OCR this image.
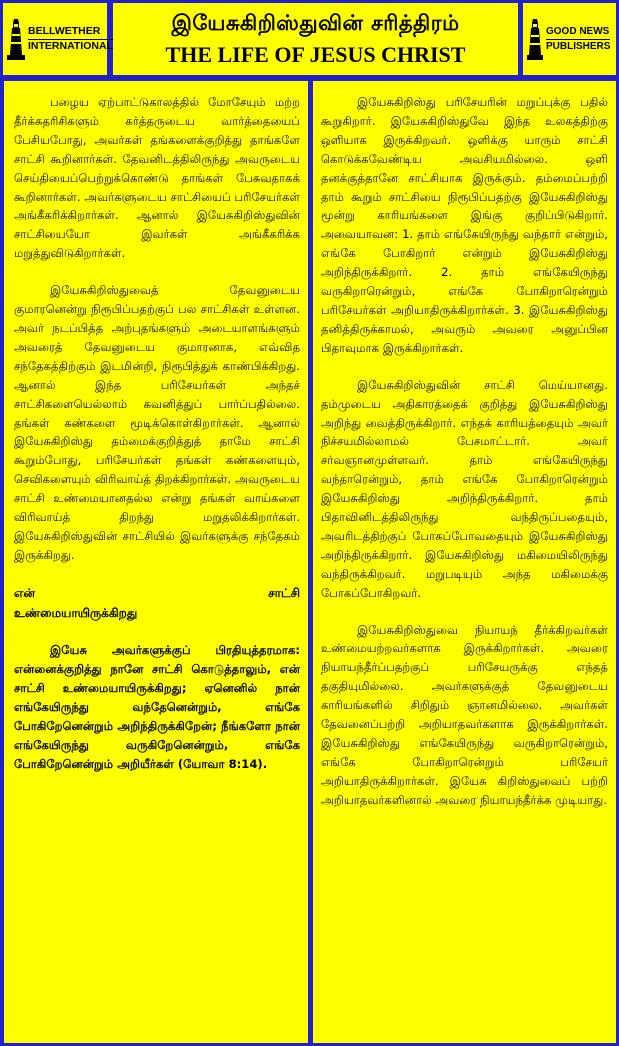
BELLWETHER
INTERNATIONAL
இயேசுகிறிஸ்துவின் சரித்திரம்
THE LIFE OF JESUS CHRIST
GOOD NEWS
PUBLISHERS

பழைய ஏற்பாட்டுகாலத்தில் மோசேயும் மற்ற தீர்க்கதரிசிகளும் கர்த்தருடைய வார்த்தையைப் பேசியபோது, அவர்கள் தங்களைக்குறித்து தாங்களே சாட்சி கூறினார்கள். தேவனிடத்திலிருந்து அவருடைய செய்தியைப்பெற்றுக்கொண்டு தாங்கள் பேசுவதாகக் கூறினார்கள். அவர்களுடைய சாட்சியைப் பரிசேயர்கள் அங்கீகரிக்கிறார்கள். ஆனால் இயேசுகிறிஸ்துவின் சாட்சியையோ இவர்கள் அங்கீகரிக்க மறுத்துவிடுகிறார்கள்.

இயேசுகிறிஸ்துவைத் தேவனுடைய குமாரனென்று நிரூபிப்பதற்குப் பல சாட்சிகள் உள்ளன. அவர் நடப்பித்த அற்புதங்களும் அடையாளங்களும் அவரைத் தேவனுடைய குமாரனாக, எவ்வித சந்தேகத்திற்கும் இடமின்றி, நிரூபித்துக் காண்பிக்கிறது. ஆனால் இந்த பரிசேயர்கள் அந்தச் சாட்சிகளையெல்லாம் கவனித்துப் பார்ப்பதில்லை. தங்கள் கண்களை மூடிக்கொள்கிறார்கள். ஆனால் இயேசுகிறிஸ்து தம்மைக்குறித்துத் தாமே சாட்சி கூறும்போது, பரிசேயர்கள் தங்கள் கண்களையும், செவிகளையும் விரிவாய்த் திறக்கிறார்கள். அவருடைய சாட்சி உண்மையானதல்ல என்று தங்கள் வாய்களை விரிவாய்த் திறந்து மறுதலிக்கிறார்கள். இயேசுகிறிஸ்துவின் சாட்சியில் இவர்களுக்கு சந்தேகம் இருக்கிறது.

என் சாட்சி
உண்மையாயிருக்கிறது

இயேசு அவர்களுக்குப் பிரதியுத்தரமாக: என்னைக்குறித்து நானே சாட்சி கொடுத்தாலும், என் சாட்சி உண்மையாயிருக்கிறது; ஏனெனில் நான் எங்கேயிருந்து வந்தேனென்றும், எங்கே போகிறேனென்றும் அறிந்திருக்கிறேன்; நீங்களோ நான் எங்கேயிருந்து வருகிறேனென்றும், எங்கே போகிறேனென்றும் அறியீர்கள் (யோவா 8:14).

இயேசுகிறிஸ்து பரிசேயரின் மறுப்புக்கு பதில் கூறுகிறார். இயேசுகிறிஸ்துவே இந்த உலகத்திற்கு ஒளியாக இருக்கிறவர். ஒளிக்கு யாரும் சாட்சி கொடுக்கவேண்டிய அவசியமில்லை. ஒளி தனக்குத்தானே சாட்சியாக இருக்கும். தம்மைப்பற்றி தாம் கூறும் சாட்சியை நிரூபிப்பதற்கு இயேசுகிறிஸ்து மூன்று காரியங்களை இங்கு குறிப்பிடுகிறார். அவையாவன: 1. தாம் எங்கேயிருந்து வந்தார் என்றும், எங்கே போகிறார் என்றும் இயேசுகிறிஸ்து அறிந்திருக்கிறார். 2. தாம் எங்கேயிருந்து வருகிறாரென்றும், எங்கே போகிறாரென்றும் பரிசேயர்கள் அறியாதிருக்கிறார்கள். 3. இயேசுகிறிஸ்து தனித்திருக்காமல், அவரும் அவரை அனுப்பின பிதாவுமாக இருக்கிறார்கள்.

இயேசுகிறிஸ்துவின் சாட்சி மெய்யானது. தம்முடைய அதிகாரத்தைக் குறித்து இயேசுகிறிஸ்து அறிந்து வைத்திருக்கிறார். எந்தக் காரியத்தையும் அவர் நிச்சயமில்லாமல் பேசமாட்டார். அவர் சர்வஞானமுள்ளவர். தாம் எங்கேயிருந்து வந்தாரென்றும், தாம் எங்கே போகிறாரென்றும் இயேசுகிறிஸ்து அறிந்திருக்கிறார். தாம் பிதாவினிடத்திலிருந்து வந்திருப்பதையும், அவரிடத்திற்குப் போகப்போவதையும் இயேசுகிறிஸ்து அறிந்திருக்கிறார். இயேசுகிறிஸ்து மகிமையிலிருந்து வந்திருக்கிறவர். மறுபடியும் அந்த மகிமைக்கு போகப்போகிறவர்.

இயேசுகிறிஸ்துவை நியாயந் தீர்க்கிறவர்கள் உண்மையற்றவர்களாக இருக்கிறார்கள். அவரை நியாயந்தீர்ப்பதற்குப் பரிசேயருக்கு எந்தத் தகுதியுமில்லை. அவர்களுக்குத் தேவனுடைய காரியங்களில் சிறிதும் ஞானமில்லை. அவர்கள் தேவனைப்பற்றி அறியாதவர்களாக இருக்கிறார்கள். இயேசுகிறிஸ்து எங்கேயிருந்து வருகிறாரென்றும், எங்கே போகிறாரென்றும் பரிசேயர் அறியாதிருக்கிறார்கள். இயேசு கிறிஸ்துவைப் பற்றி அறியாதவர்களினால் அவரை நியாயந்தீர்க்க முடியாது.
